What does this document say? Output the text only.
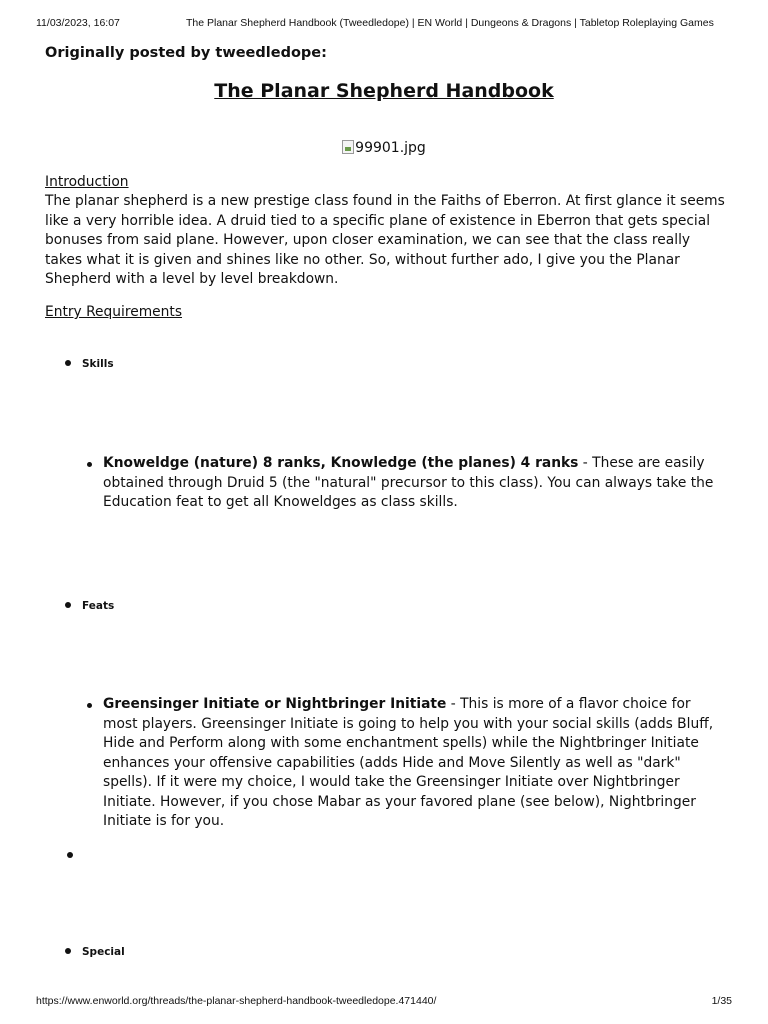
11/03/2023, 16:07	The Planar Shepherd Handbook (Tweedledope) | EN World | Dungeons & Dragons | Tabletop Roleplaying Games
Originally posted by tweedledope:
The Planar Shepherd Handbook
99901.jpg
Introduction
The planar shepherd is a new prestige class found in the Faiths of Eberron. At first glance it seems like a very horrible idea. A druid tied to a specific plane of existence in Eberron that gets special bonuses from said plane. However, upon closer examination, we can see that the class really takes what it is given and shines like no other. So, without further ado, I give you the Planar Shepherd with a level by level breakdown.
Entry Requirements
Skills
Knoweldge (nature) 8 ranks, Knowledge (the planes) 4 ranks - These are easily obtained through Druid 5 (the "natural" precursor to this class). You can always take the Education feat to get all Knoweldges as class skills.
Feats
Greensinger Initiate or Nightbringer Initiate - This is more of a flavor choice for most players. Greensinger Initiate is going to help you with your social skills (adds Bluff, Hide and Perform along with some enchantment spells) while the Nightbringer Initiate enhances your offensive capabilities (adds Hide and Move Silently as well as "dark" spells). If it were my choice, I would take the Greensinger Initiate over Nightbringer Initiate. However, if you chose Mabar as your favored plane (see below), Nightbringer Initiate is for you.
Special
https://www.enworld.org/threads/the-planar-shepherd-handbook-tweedledope.471440/	1/35
